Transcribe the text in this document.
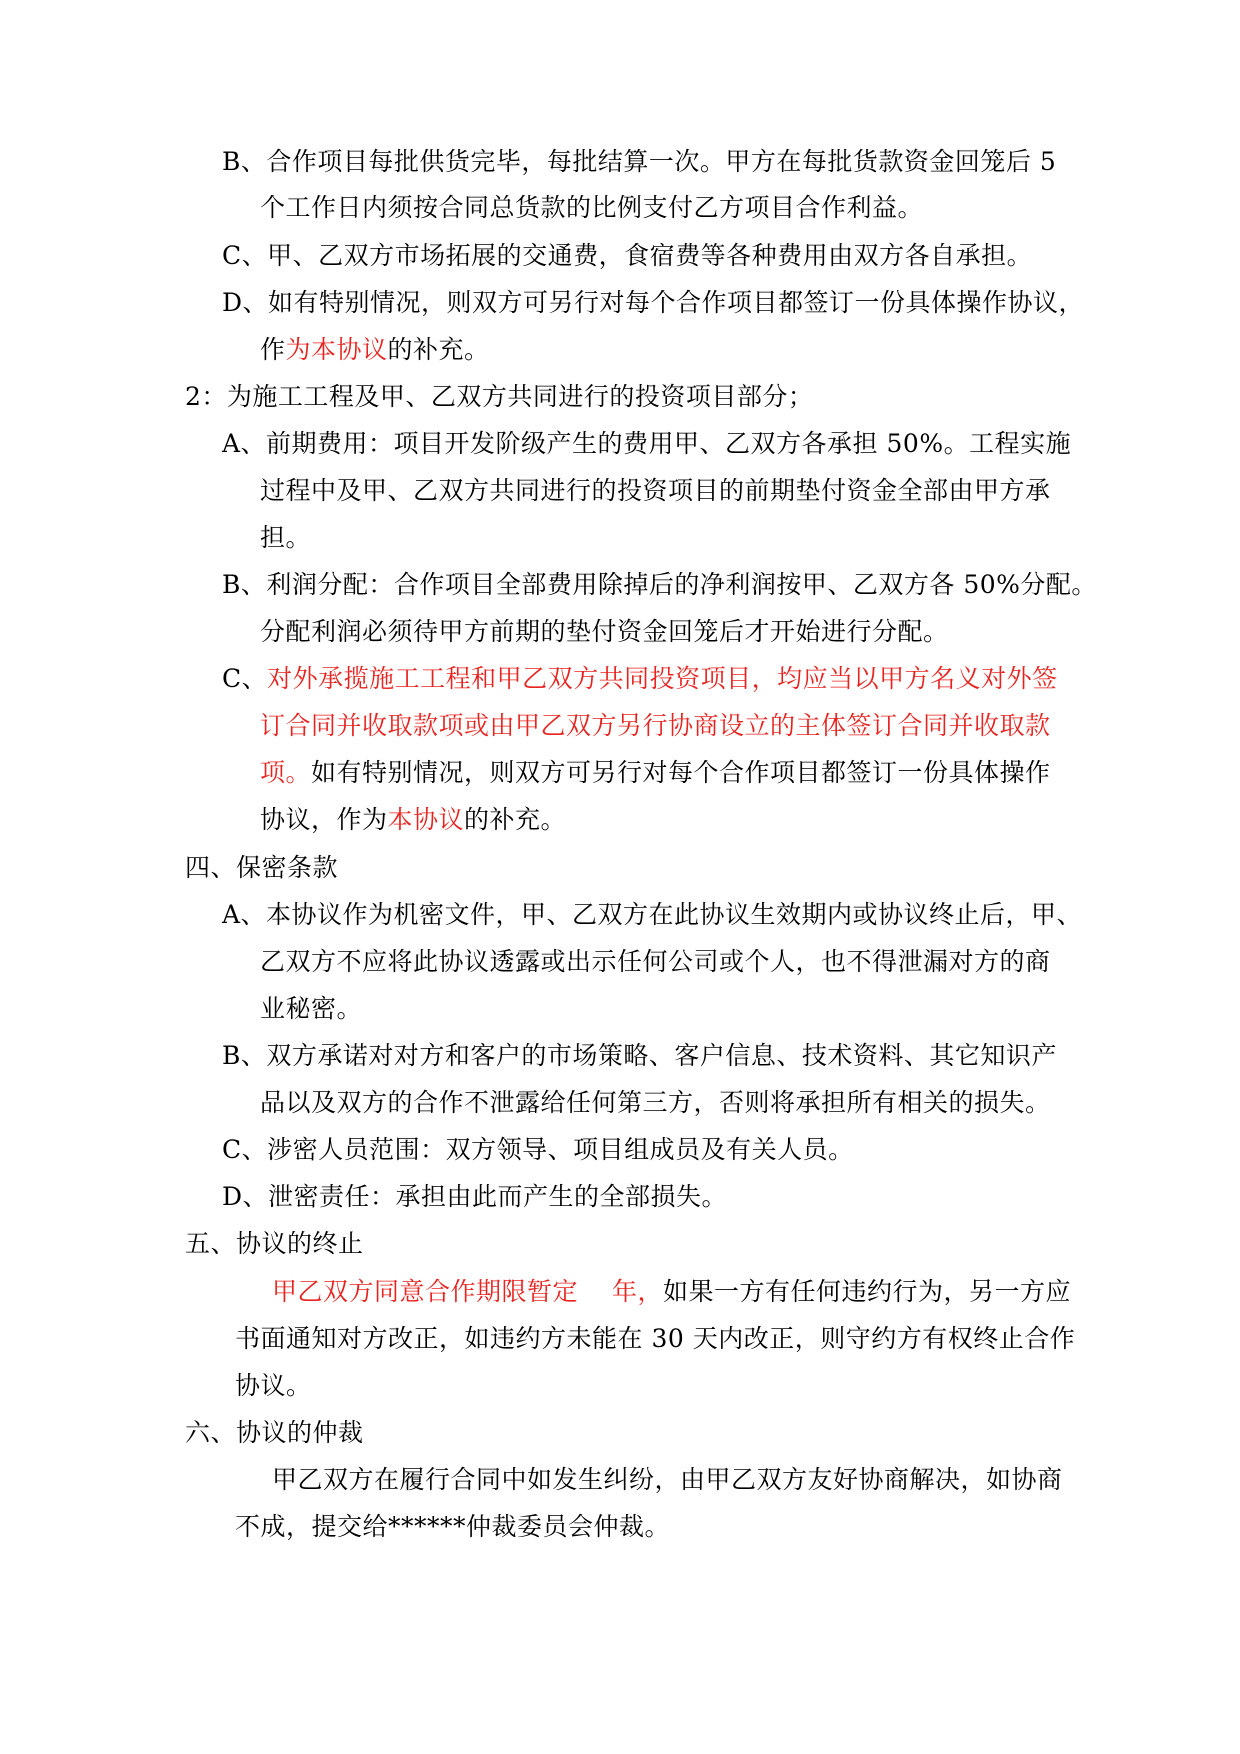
B、合作项目每批供货完毕，每批结算一次。甲方在每批货款资金回笼后 5
个工作日内须按合同总货款的比例支付乙方项目合作利益。
C、甲、乙双方市场拓展的交通费，食宿费等各种费用由双方各自承担。
D、如有特别情况，则双方可另行对每个合作项目都签订一份具体操作协议，
作为本协议的补充。
2：为施工工程及甲、乙双方共同进行的投资项目部分；
A、前期费用：项目开发阶级产生的费用甲、乙双方各承担 50%。工程实施
过程中及甲、乙双方共同进行的投资项目的前期垫付资金全部由甲方承
担。
B、利润分配：合作项目全部费用除掉后的净利润按甲、乙双方各 50%分配。
分配利润必须待甲方前期的垫付资金回笼后才开始进行分配。
C、对外承揽施工工程和甲乙双方共同投资项目，均应当以甲方名义对外签
订合同并收取款项或由甲乙双方另行协商设立的主体签订合同并收取款
项。如有特别情况，则双方可另行对每个合作项目都签订一份具体操作
协议，作为本协议的补充。
四、保密条款
A、本协议作为机密文件，甲、乙双方在此协议生效期内或协议终止后，甲、
乙双方不应将此协议透露或出示任何公司或个人，也不得泄漏对方的商
业秘密。
B、双方承诺对对方和客户的市场策略、客户信息、技术资料、其它知识产
品以及双方的合作不泄露给任何第三方，否则将承担所有相关的损失。
C、涉密人员范围：双方领导、项目组成员及有关人员。
D、泄密责任：承担由此而产生的全部损失。
五、协议的终止
甲乙双方同意合作期限暂定　 年，如果一方有任何违约行为，另一方应
书面通知对方改正，如违约方未能在 30 天内改正，则守约方有权终止合作
协议。
六、协议的仲裁
甲乙双方在履行合同中如发生纠纷，由甲乙双方友好协商解决，如协商
不成，提交给******仲裁委员会仲裁。
